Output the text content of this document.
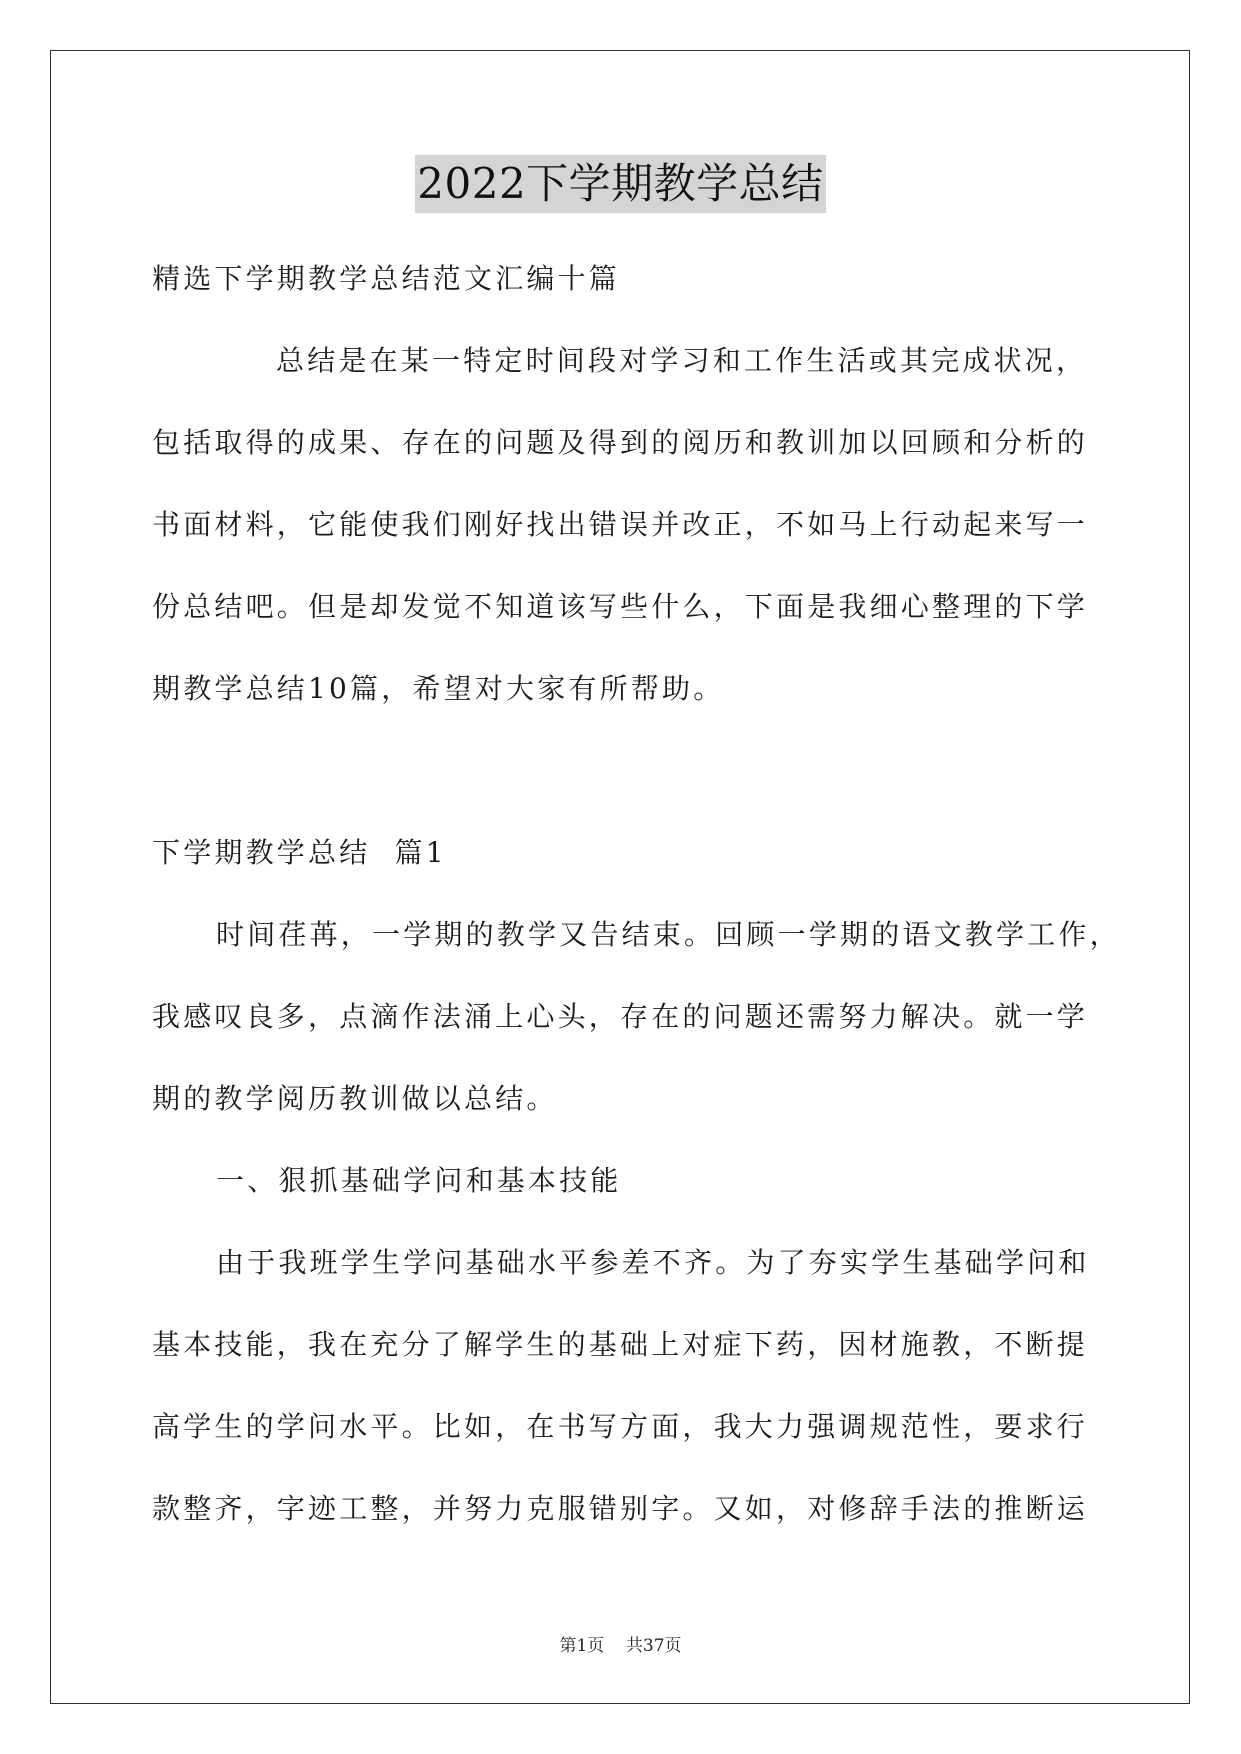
2022下学期教学总结
精选下学期教学总结范文汇编十篇
总结是在某一特定时间段对学习和工作生活或其完成状况，
包括取得的成果、存在的问题及得到的阅历和教训加以回顾和分析的
书面材料，它能使我们刚好找出错误并改正，不如马上行动起来写一
份总结吧。但是却发觉不知道该写些什么，下面是我细心整理的下学
期教学总结10篇，希望对大家有所帮助。
下学期教学总结  篇1
时间荏苒，一学期的教学又告结束。回顾一学期的语文教学工作，
我感叹良多，点滴作法涌上心头，存在的问题还需努力解决。就一学
期的教学阅历教训做以总结。
一、狠抓基础学问和基本技能
由于我班学生学问基础水平参差不齐。为了夯实学生基础学问和
基本技能，我在充分了解学生的基础上对症下药，因材施教，不断提
高学生的学问水平。比如，在书写方面，我大力强调规范性，要求行
款整齐，字迹工整，并努力克服错别字。又如，对修辞手法的推断运
第1页 共37页
